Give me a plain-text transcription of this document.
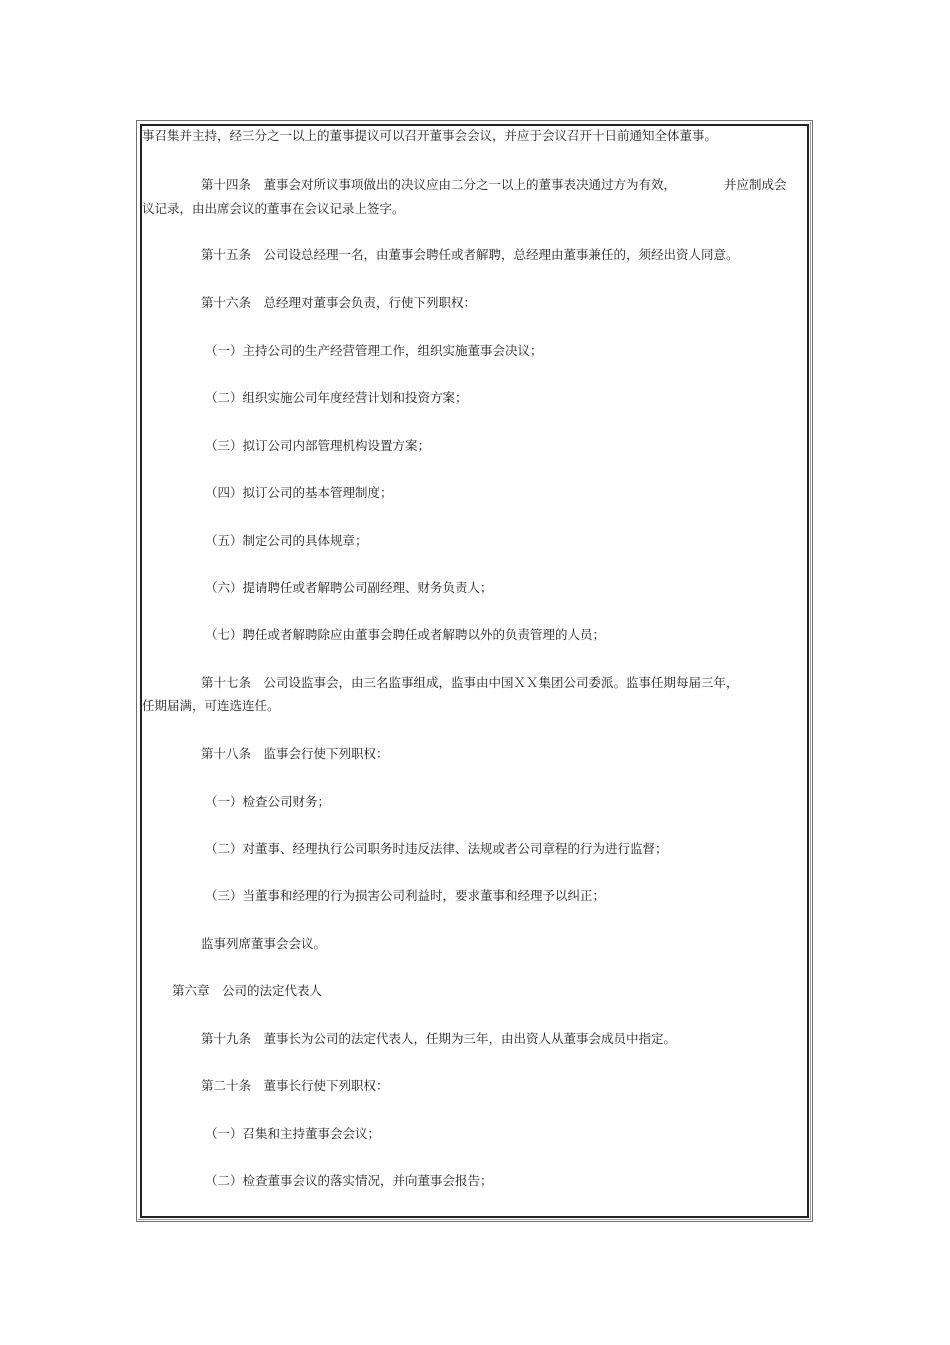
事召集并主持，经三分之一以上的董事提议可以召开董事会会议，并应于会议召开十日前通知全体董事。
第十四条　董事会对所议事项做出的决议应由二分之一以上的董事表决通过方为有效，	并应制成会
议记录，由出席会议的董事在会议记录上签字。
第十五条　公司设总经理一名，由董事会聘任或者解聘，总经理由董事兼任的，须经出资人同意。
第十六条　总经理对董事会负责，行使下列职权：
（一）主持公司的生产经营管理工作，组织实施董事会决议；
（二）组织实施公司年度经营计划和投资方案；
（三）拟订公司内部管理机构设置方案；
（四）拟订公司的基本管理制度；
（五）制定公司的具体规章；
（六）提请聘任或者解聘公司副经理、财务负责人；
（七）聘任或者解聘除应由董事会聘任或者解聘以外的负责管理的人员；
第十七条　公司设监事会，由三名监事组成，监事由中国ＸＸ集团公司委派。监事任期每届三年，
任期届满，可连选连任。
第十八条　监事会行使下列职权：
（一）检查公司财务；
（二）对董事、经理执行公司职务时违反法律、法规或者公司章程的行为进行监督；
（三）当董事和经理的行为损害公司利益时，要求董事和经理予以纠正；
监事列席董事会会议。
第六章　公司的法定代表人
第十九条　董事长为公司的法定代表人，任期为三年，由出资人从董事会成员中指定。
第二十条　董事长行使下列职权：
（一）召集和主持董事会会议；
（二）检查董事会议的落实情况，并向董事会报告；
